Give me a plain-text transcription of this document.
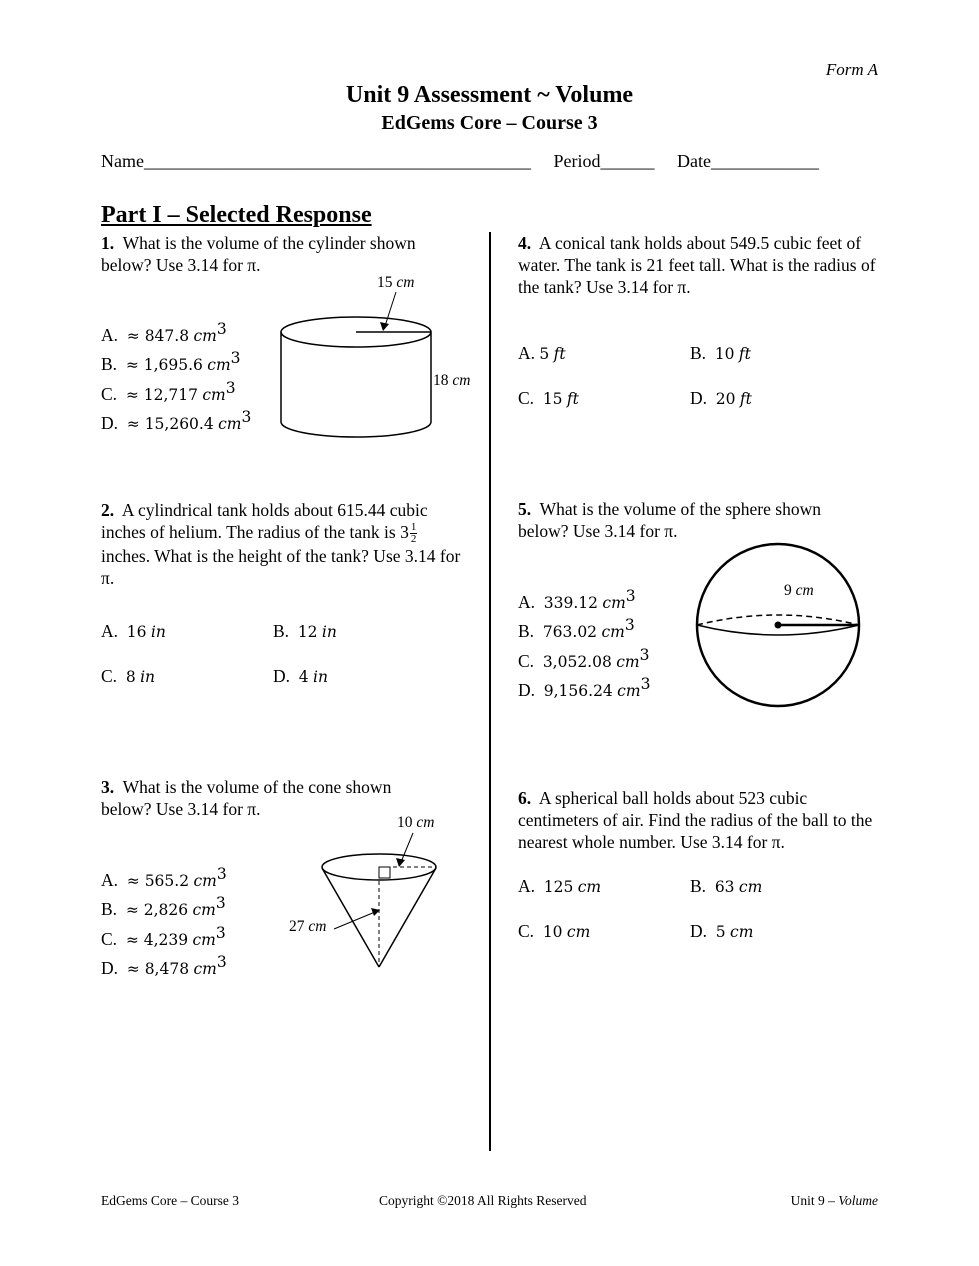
Form A
Unit 9 Assessment ~ Volume
EdGems Core – Course 3
Name___________________________________________ Period______ Date____________
Part I – Selected Response
1. What is the volume of the cylinder shown below? Use 3.14 for π.
A. ≈ 847.8 $cm^3$
B. ≈ 1,695.6 $cm^3$
C. ≈ 12,717 $cm^3$
D. ≈ 15,260.4 $cm^3$
15 cm
18 cm
2. A cylindrical tank holds about 615.44 cubic inches of helium. The radius of the tank is $3 \frac{1}{2}$
inches. What is the height of the tank? Use 3.14 for π.
A. 16 in	B. 12 in
C. 8 in	D. 4 in
3. What is the volume of the cone shown below? Use 3.14 for π.
A. ≈ 565.2 $cm^3$
B. ≈ 2,826 $cm^3$
C. ≈ 4,239 $cm^3$
D. ≈ 8,478 $cm^3$
10 cm
27 cm
4. A conical tank holds about 549.5 cubic feet of water. The tank is 21 feet tall. What is the radius of the tank? Use 3.14 for π.
A. 5 ft	B. 10 ft
C. 15 ft	D. 20 ft
5. What is the volume of the sphere shown below? Use 3.14 for π.
A. 339.12 $cm^3$
B. 763.02 $cm^3$
C. 3,052.08 $cm^3$
D. 9,156.24 $cm^3$
9 cm
6. A spherical ball holds about 523 cubic centimeters of air. Find the radius of the ball to the nearest whole number. Use 3.14 for π.
A. 125 cm	B. 63 cm
C. 10 cm	D. 5 cm
EdGems Core – Course 3	Copyright ©2018 All Rights Reserved	Unit 9 – Volume
